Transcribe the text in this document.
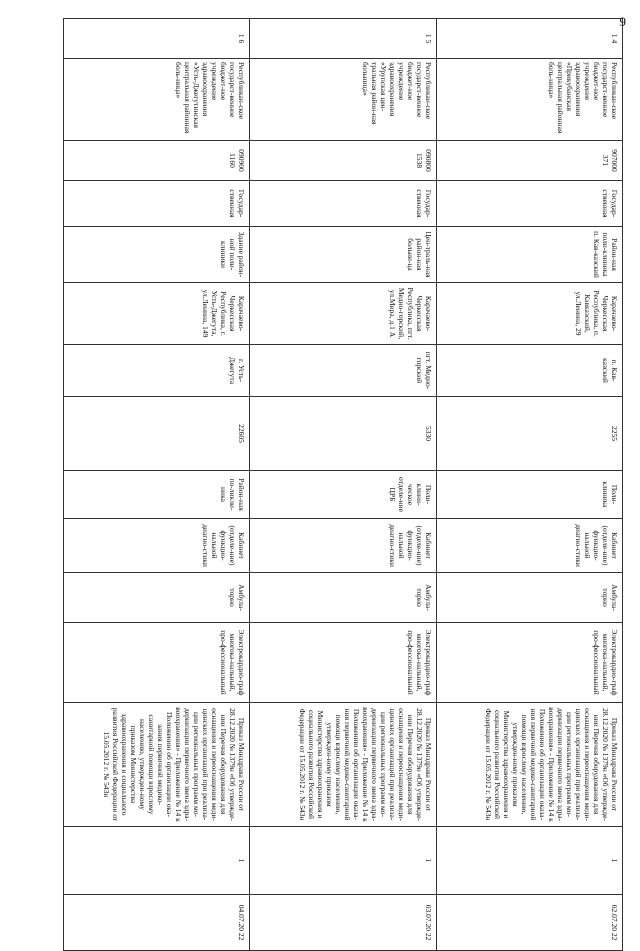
9
1 4	Республикан-ское государст-венное бюджет-ное учреждение здравоохранения «Прикубанская центральная районная боль-ница»	907000 371	Государ-ственная	Район-ная поли-клиника п. Кав-казский	Карачаево-Черкесская Республика, п. Кавказский, ул.Ленина, 29	п. Кав-казский	2255	Поли-клиника	Кабинет (отделе-ние) функцио-нальной диагно-стики	Амбула-торно	Электрокардио-граф многока-нальный, про-фессиональный	Приказ Минздрава России от 28.12.2020 № 1379н «Об утвержде-нии Перечня оборудования для оснащения и переоснащения меди-цинских организаций при реализа-ции региональных программ мо-дернизации первичного звена здра-воохранения» - Приложение № 14 к Положению об организации оказа-ния первичной медико-санитарной помощи взрослому населению, утвержден-ному приказом Министерства здравоохранения и социального развития Российской Федерации от 15.05.2012 г. № 543н	1	02.07.20 22
1 5	Республикан-ское государст-венное бюджет-ное учреждение здравоохранения «Урупская цен-тральная район-ная больница»	090800 1538	Государ-ственная	Цен-траль-ная район-ная больни-ца	Карачаево-Черкесская Республика, пгт. Медно-горский, ул.Мира, д.1 А	пгт. Медно-горский	5330	Поли-клини-ческое отделе-ние ЦРБ	Кабинет (отделе-ние) функцио-нальной диагно-стики	Амбула-торно	Электрокардио-граф многока-нальный, про-фессиональный	Приказ Минздрава России от 28.12.2020 № 1379н «Об утвержде-нии Перечня оборудования для оснащения и переоснащения меди-цинских организаций при реализа-ции региональных программ мо-дернизации первичного звена здра-воохранения» - Приложение № 14 к Положению об организации оказа-ния первичной медико-санитарной помощи взрослому населению, утвержден-ному приказом Министерства здравоохранения и социального развития Российской Федерации от 15.05.2012 г. № 543н	1	03.07.20 22
1 6	Республикан-ское государст-венное бюджет-ное учреждение здравоохранения «Усть-Джегутинская центральная районная боль-ница»	090900 1160	Государ-ственная	Здание район-ной поли-клиники	Карачаево-Черкесская Республика, г. Усть-Джегута, ул.Ленина, 149	г. Усть-Джегута	22605	Район-ная по-ликли-ника	Кабинет (отделе-ние) функцио-нальной диагно-стики	Амбула-торно	Электрокардио-граф многока-нальный, про-фессиональный	Приказ Минздрава России от 28.12.2020 № 1379н «Об утвержде-нии Перечня оборудования для оснащения и переоснащения меди-цинских организаций при реализа-ции региональных программ мо-дернизации первичного звена здра-воохранения» - Приложение № 14 к Положению об организации ока-зания первичной медико-санитарной помощи взрослому населению, утвержден-ному приказом Министерства здравоохранения и социального развития Российской Федерации от 15.05.2012 г. № 543н	1	04.07.20 22
